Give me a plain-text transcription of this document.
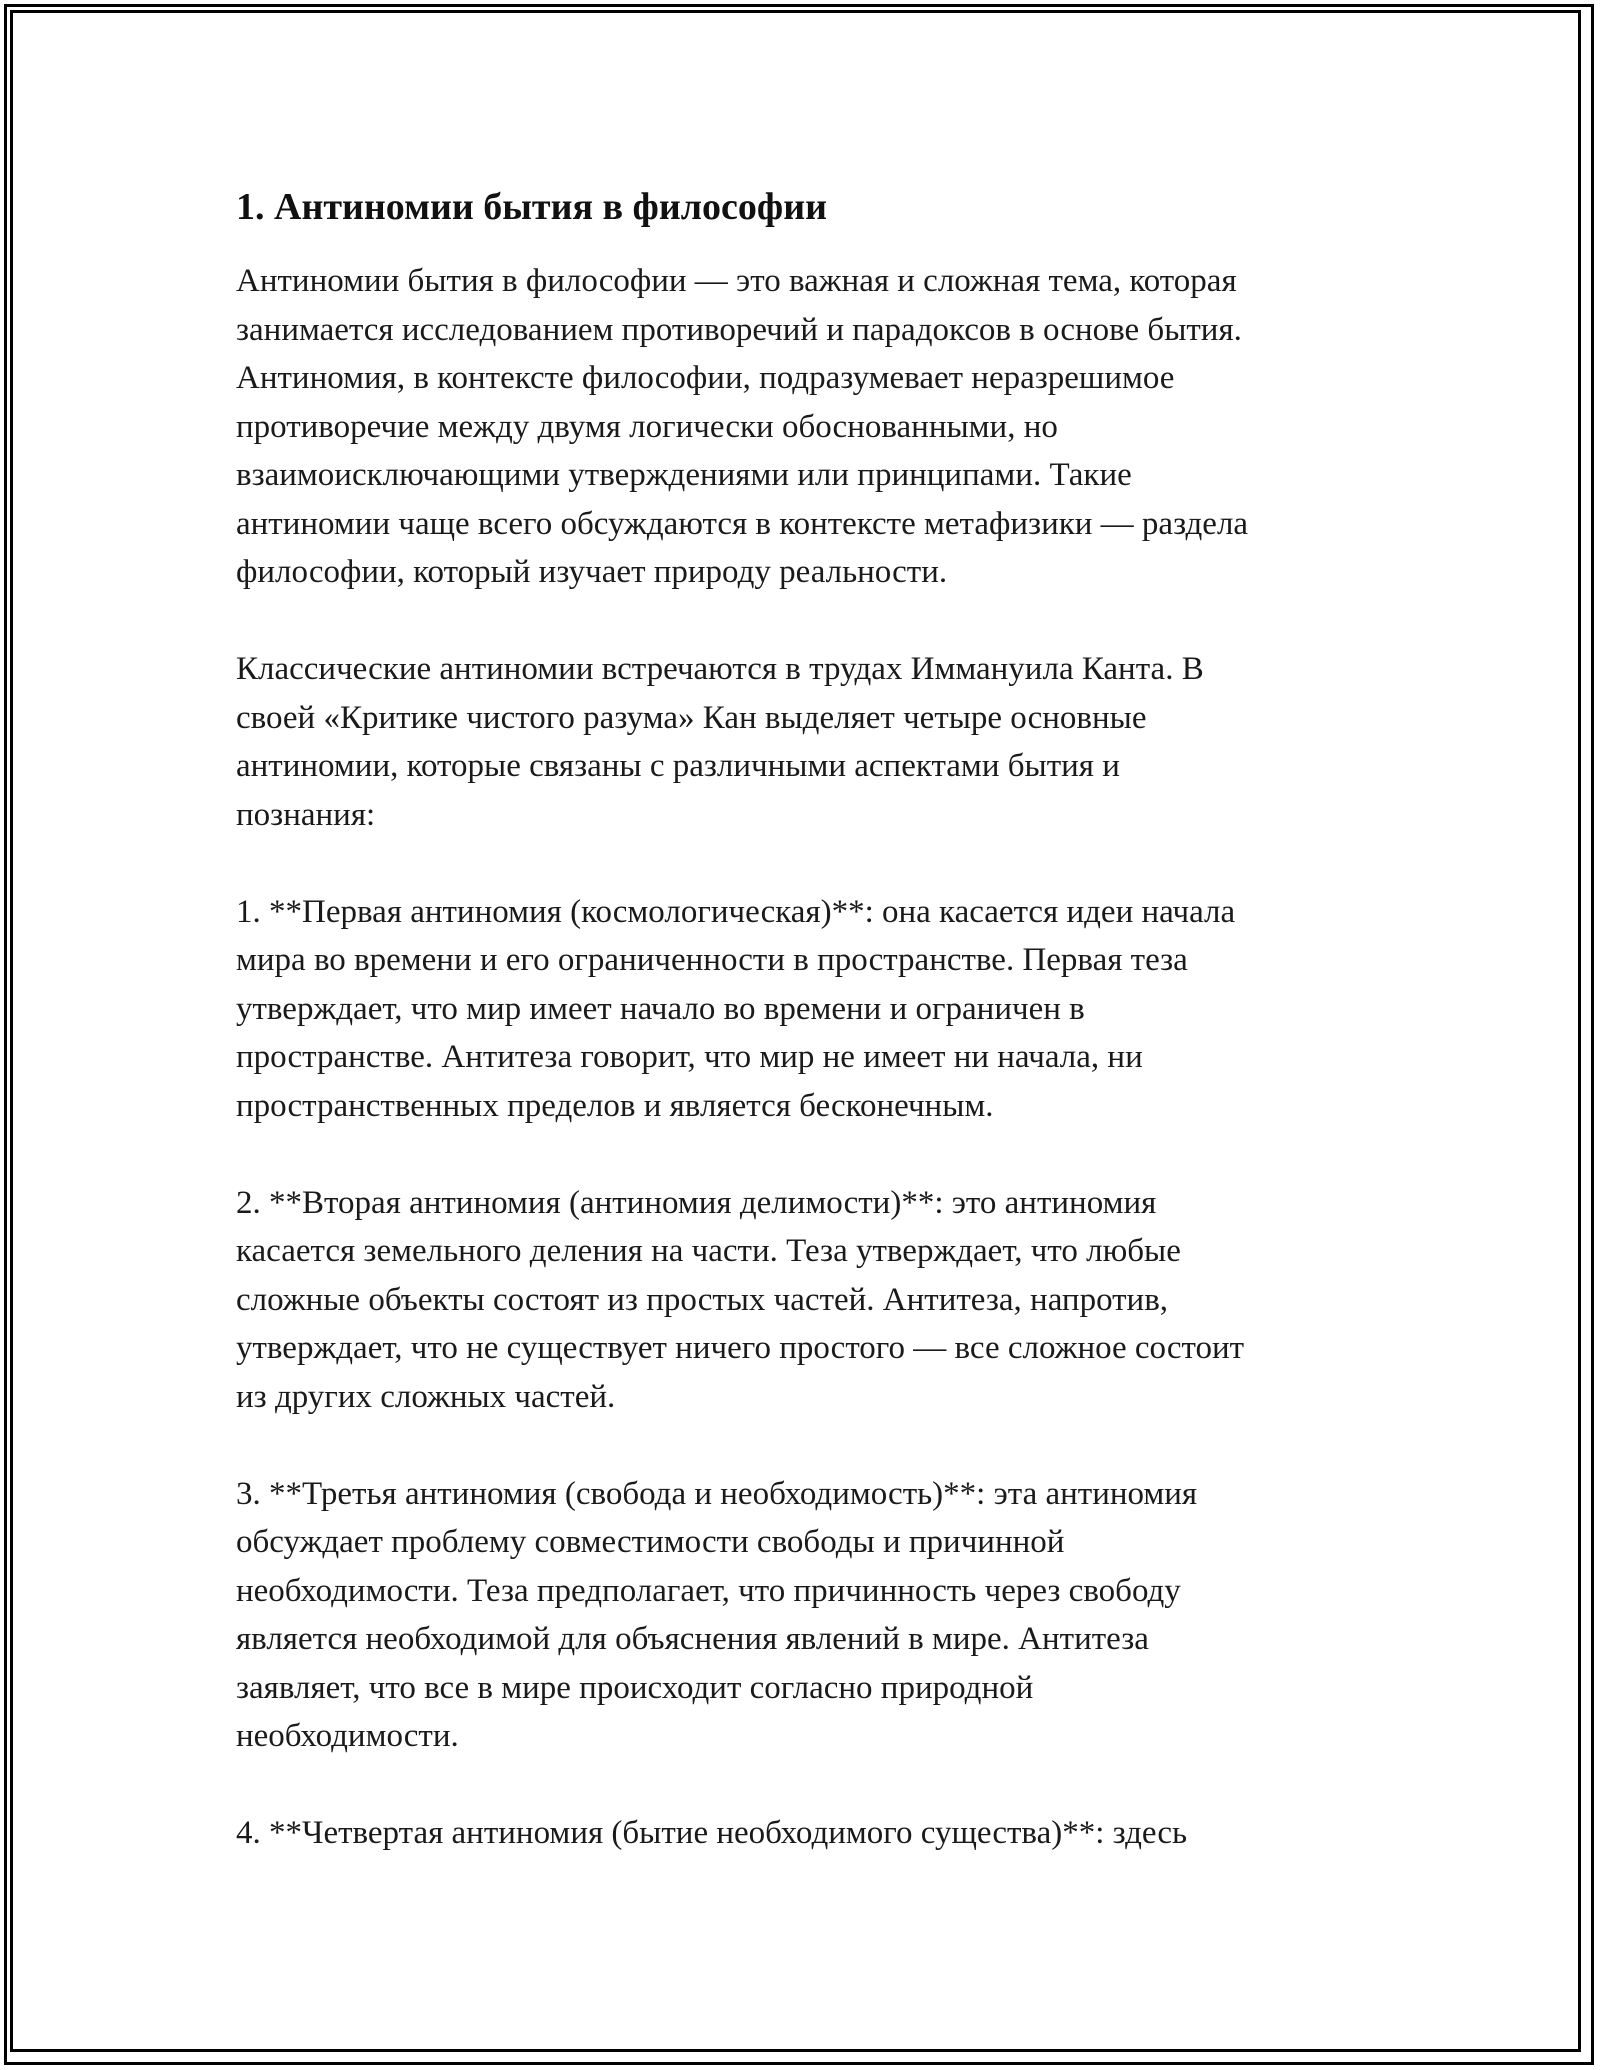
1. Антиномии бытия в философии

Антиномии бытия в философии — это важная и сложная тема, которая
занимается исследованием противоречий и парадоксов в основе бытия.
Антиномия, в контексте философии, подразумевает неразрешимое
противоречие между двумя логически обоснованными, но
взаимоисключающими утверждениями или принципами. Такие
антиномии чаще всего обсуждаются в контексте метафизики — раздела
философии, который изучает природу реальности.

Классические антиномии встречаются в трудах Иммануила Канта. В
своей «Критике чистого разума» Кан выделяет четыре основные
антиномии, которые связаны с различными аспектами бытия и
познания:

1. **Первая антиномия (космологическая)**: она касается идеи начала
мира во времени и его ограниченности в пространстве. Первая теза
утверждает, что мир имеет начало во времени и ограничен в
пространстве. Антитеза говорит, что мир не имеет ни начала, ни
пространственных пределов и является бесконечным.

2. **Вторая антиномия (антиномия делимости)**: это антиномия
касается земельного деления на части. Теза утверждает, что любые
сложные объекты состоят из простых частей. Антитеза, напротив,
утверждает, что не существует ничего простого — все сложное состоит
из других сложных частей.

3. **Третья антиномия (свобода и необходимость)**: эта антиномия
обсуждает проблему совместимости свободы и причинной
необходимости. Теза предполагает, что причинность через свободу
является необходимой для объяснения явлений в мире. Антитеза
заявляет, что все в мире происходит согласно природной
необходимости.

4. **Четвертая антиномия (бытие необходимого существа)**: здесь
